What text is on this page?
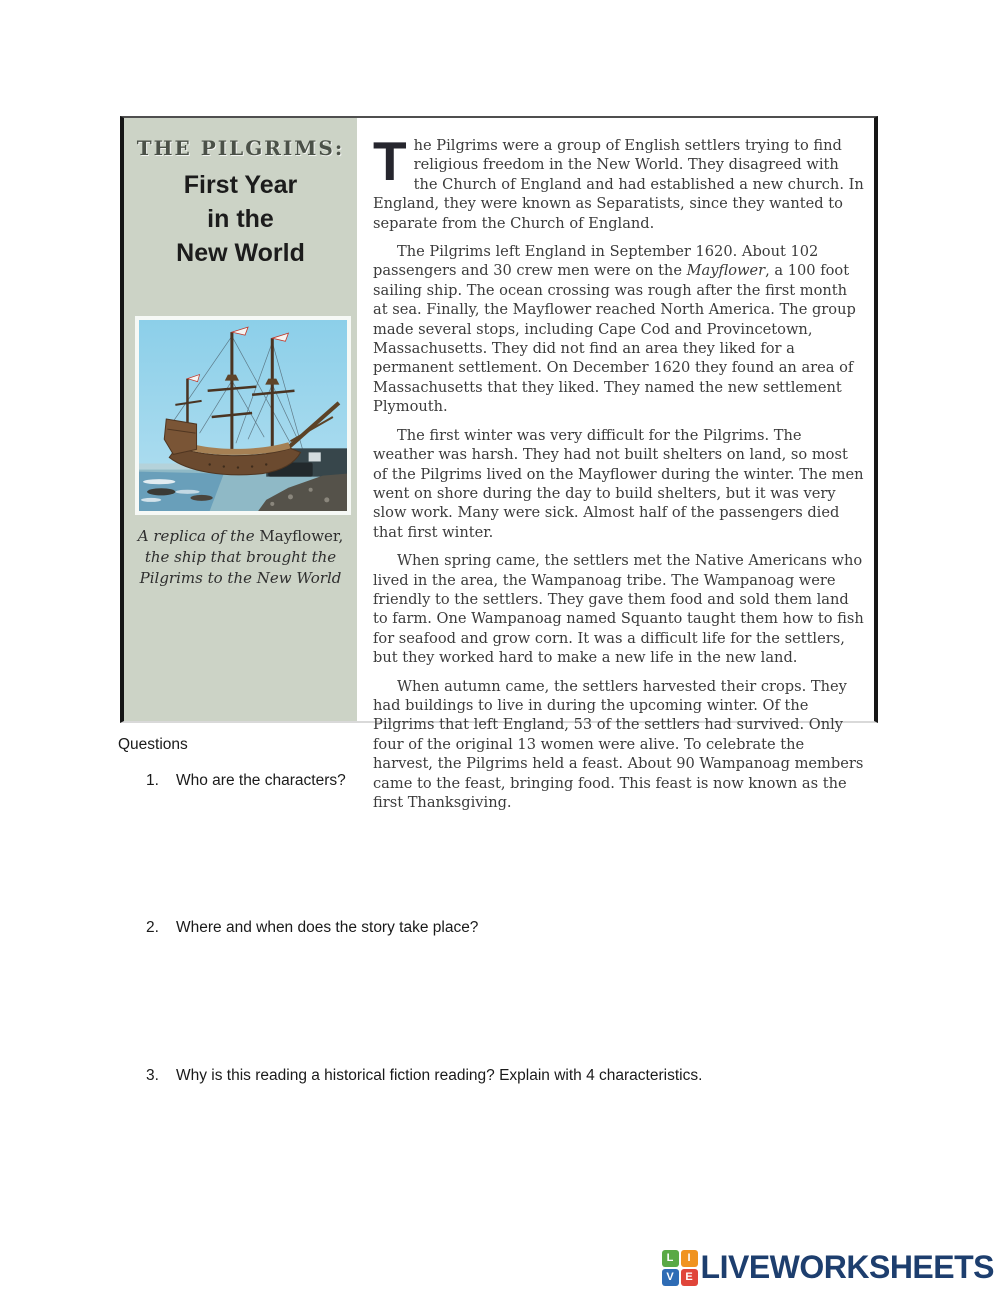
THE PILGRIMS:
First Year
in the
New World
A replica of the Mayflower, the ship that brought the Pilgrims to the New World

The Pilgrims were a group of English settlers trying to find religious freedom in the New World. They disagreed with the Church of England and had established a new church. In England, they were known as Separatists, since they wanted to separate from the Church of England.

The Pilgrims left England in September 1620. About 102 passengers and 30 crew men were on the Mayflower, a 100 foot sailing ship. The ocean crossing was rough after the first month at sea. Finally, the Mayflower reached North America. The group made several stops, including Cape Cod and Provincetown, Massachusetts. They did not find an area they liked for a permanent settlement. On December 1620 they found an area of Massachusetts that they liked. They named the new settlement Plymouth.

The first winter was very difficult for the Pilgrims. The weather was harsh. They had not built shelters on land, so most of the Pilgrims lived on the Mayflower during the winter. The men went on shore during the day to build shelters, but it was very slow work. Many were sick. Almost half of the passengers died that first winter.

When spring came, the settlers met the Native Americans who lived in the area, the Wampanoag tribe. The Wampanoag were friendly to the settlers. They gave them food and sold them land to farm. One Wampanoag named Squanto taught them how to fish for seafood and grow corn. It was a difficult life for the settlers, but they worked hard to make a new life in the new land.

When autumn came, the settlers harvested their crops. They had buildings to live in during the upcoming winter. Of the Pilgrims that left England, 53 of the settlers had survived. Only four of the original 13 women were alive. To celebrate the harvest, the Pilgrims held a feast. About 90 Wampanoag members came to the feast, bringing food. This feast is now known as the first Thanksgiving.

Questions
1. Who are the characters?
2. Where and when does the story take place?
3. Why is this reading a historical fiction reading? Explain with 4 characteristics.
L	I
V	E LIVEWORKSHEETS
